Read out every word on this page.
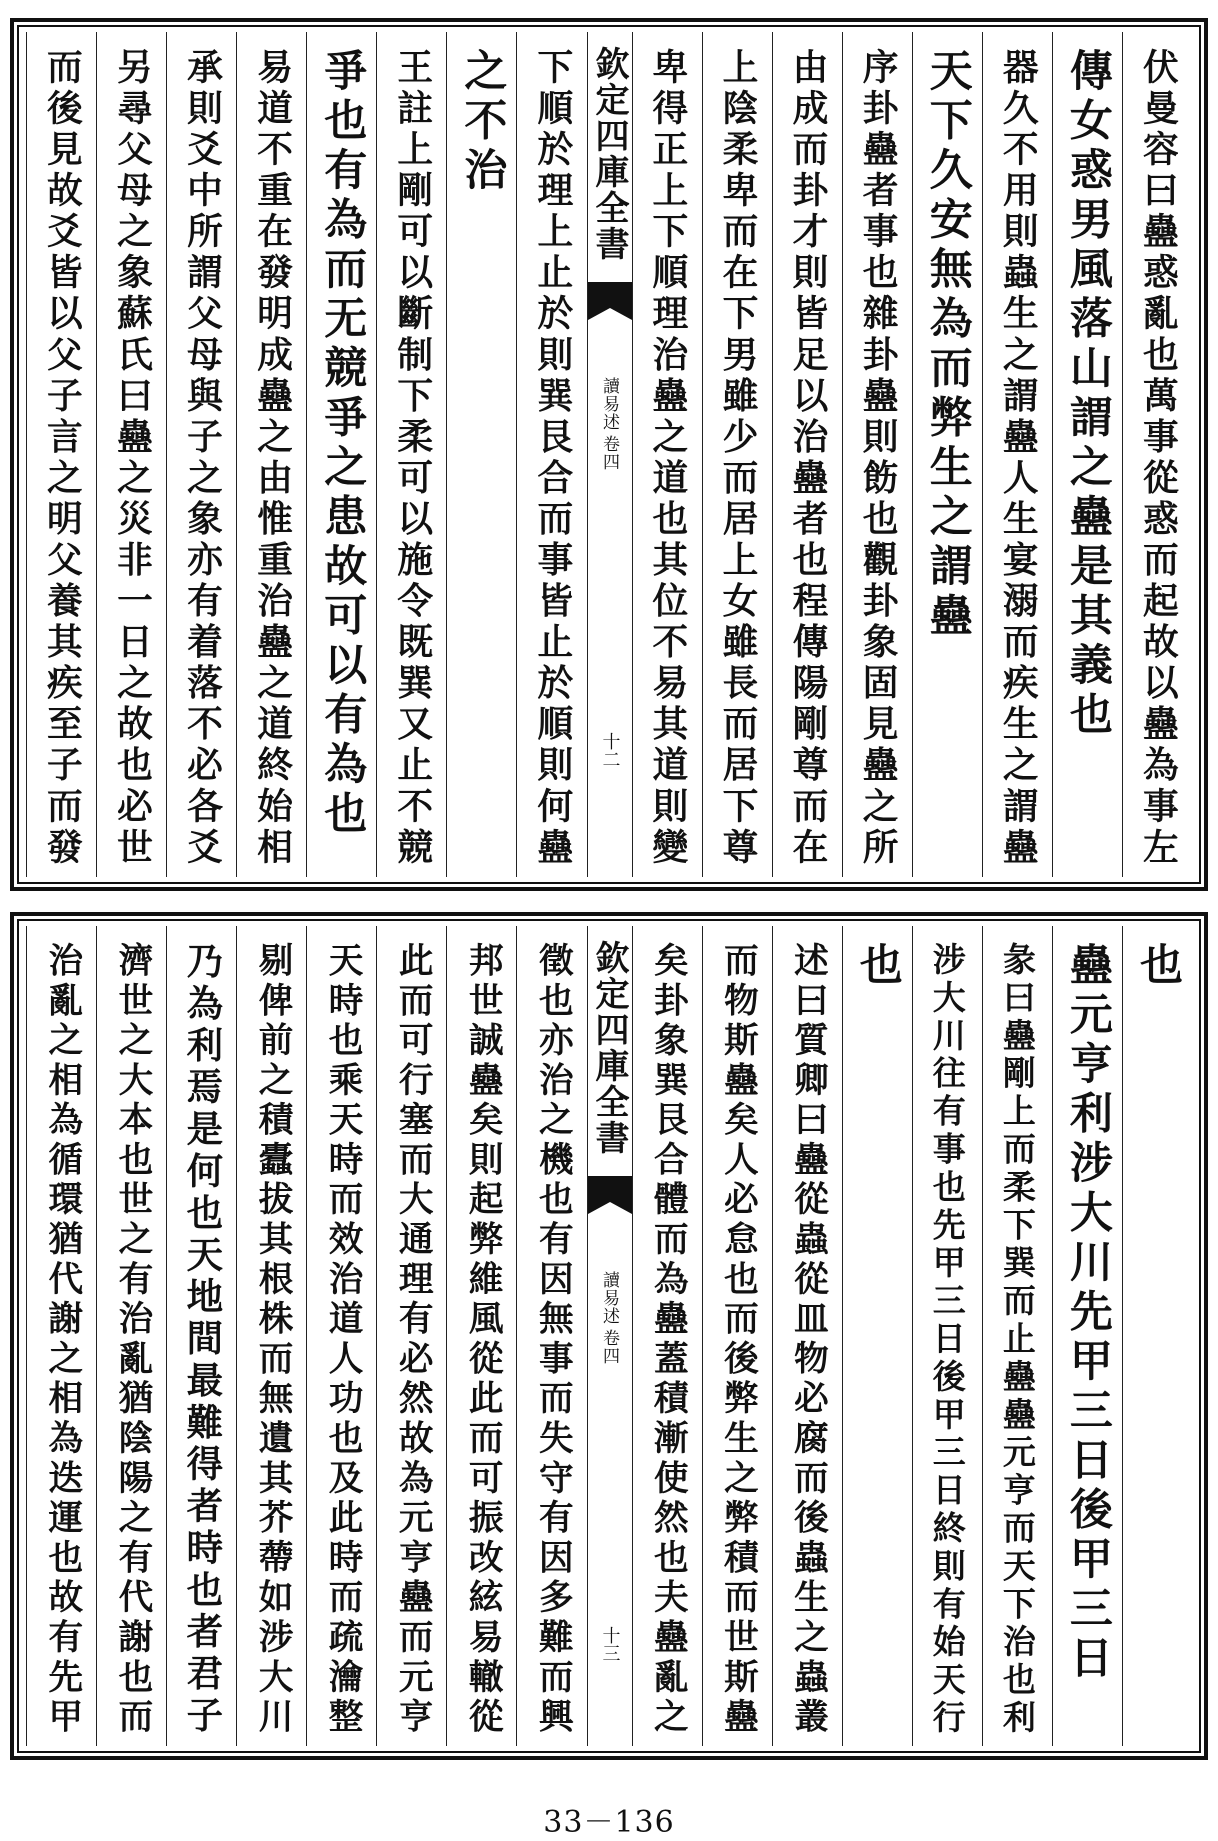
伏曼容曰蠱惑亂也萬事從惑而起故以蠱為事左
傳女惑男風落山謂之蠱是其義也
器久不用則蟲生之謂蠱人生宴溺而疾生之謂蠱
天下久安無為而弊生之謂蠱
序卦蠱者事也雜卦蠱則飭也觀卦象固見蠱之所
由成而卦才則皆足以治蠱者也程傳陽剛尊而在
上陰柔卑而在下男雖少而居上女雖長而居下尊
卑得正上下順理治蠱之道也其位不易其道則變
欽定四庫全書
讀易述
卷四
十二
下順於理上止於則巽艮合而事皆止於順則何蠱
之不治
王註上剛可以斷制下柔可以施令既巽又止不競
爭也有為而无競爭之患故可以有為也
易道不重在發明成蠱之由惟重治蠱之道終始相
承則爻中所謂父母與子之象亦有着落不必各爻
另尋父母之象蘇氏曰蠱之災非一日之故也必世
而後見故爻皆以父子言之明父養其疾至子而發
也
蠱元亨利涉大川先甲三日後甲三日
彖曰蠱剛上而柔下巽而止蠱蠱元亨而天下治也利
涉大川往有事也先甲三日後甲三日終則有始天行
也
述曰質卿曰蠱從蟲從皿物必腐而後蟲生之蟲叢
而物斯蠱矣人必怠也而後弊生之弊積而世斯蠱
矣卦象巽艮合體而為蠱蓋積漸使然也夫蠱亂之
欽定四庫全書
讀易述
卷四
十三
徵也亦治之機也有因無事而失守有因多難而興
邦世誠蠱矣則起弊維風從此而可振改絃易轍從
此而可行塞而大通理有必然故為元亨蠱而元亨
天時也乘天時而效治道人功也及此時而疏瀹整
剔俾前之積蠹拔其根株而無遺其芥蔕如涉大川
乃為利焉是何也天地間最難得者時也者君子
濟世之大本也世之有治亂猶陰陽之有代謝也而
治亂之相為循環猶代謝之相為迭運也故有先甲
33－136
